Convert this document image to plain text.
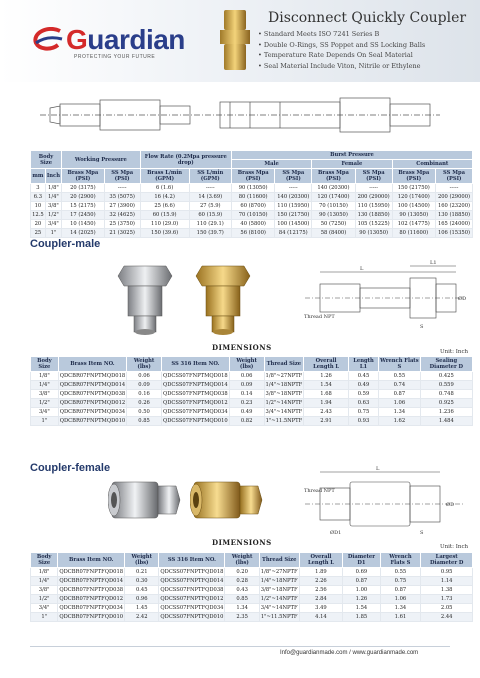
Guardian
PROTECTING YOUR FUTURE
Disconnect Quickly Coupler
• Standard Meets ISO 7241 Series B
• Double O-Rings, SS Poppet and SS Locking Balls
• Temperature Rate Depends On Seal Material
• Seal Material Include Viton, Nitrile or Ethylene
Body Size		Working Pressure		Flow Rate (0.2Mpa pressure drop)		Burst Pressure					
						Male		Female		Combinant	
mm	Inch	Brass Mpa (PSI)	SS Mpa (PSI)	Brass L/min (GPM)	SS L/min (GPM)	Brass Mpa (PSI)	SS Mpa (PSI)	Brass Mpa (PSI)	SS Mpa (PSI)	Brass Mpa (PSI)	SS Mpa (PSI)
3	1/8"	20 (3175)	-----	6 (1.6)	-----	90 (13050)	-----	140 (20300)	-----	150 (21750)	-----
6.3	1/4"	20 (2900)	35 (5075)	16 (4.2)	14 (3.69)	80 (11600)	140 (20300)	120 (17400)	200 (29000)	120 (17400)	200 (29000)
10	3/8"	15 (2175)	27 (3900)	25 (6.6)	27 (5.9)	60 (8700)	110 (15950)	70 (10150)	110 (15950)	100 (14500)	160 (23200)
12.5	1/2"	17 (2450)	32 (4625)	60 (15.9)	60 (15.9)	70 (10150)	150 (21750)	90 (13050)	130 (18850)	90 (13050)	130 (18850)
20	3/4"	10 (1450)	25 (3750)	110 (29.0)	110 (29.1)	40 (5800)	100 (14500)	50 (7250)	105 (15225)	102 (14775)	165 (24000)
25	1"	14 (2025)	21 (3025)	150 (39.6)	150 (39.7)	56 (8100)	84 (12175)	58 (8400)	90 (13050)	80 (11600)	106 (15350)
Coupler-male
L
L1
Thread NPT
ØD
S
DIMENSIONS	Unit: Inch
Body Size	Brass Item NO.	Weight (lbs)	SS 316 Item NO.	Weight (lbs)	Thread Size	Overall Length L	Length L1	Wrench Flats S	Sealing Diameter D
1/8"	QDCBR07FNPTMQD018	0.06	QDCSS07FNPTMQD018	0.06	1/8"~27NPTF	1.26	0.45	0.55	0.425
1/4"	QDCBR07FNPTMQD014	0.09	QDCSS07FNPTMQD014	0.09	1/4"~18NPTF	1.54	0.49	0.74	0.559
3/8"	QDCBR07FNPTMQD038	0.16	QDCSS07FNPTMQD038	0.14	3/8"~18NPTF	1.68	0.59	0.87	0.748
1/2"	QDCBR07FNPTMQD012	0.26	QDCSS07FNPTMQD012	0.23	1/2"~14NPTF	1.94	0.63	1.06	0.925
3/4"	QDCBR07FNPTMQD034	0.50	QDCSS07FNPTMQD034	0.49	3/4"~14NPTF	2.43	0.75	1.34	1.236
1"	QDCBR07FNPTMQD010	0.85	QDCSS07FNPTMQD010	0.82	1"~11.5NPTF	2.91	0.93	1.62	1.484
Coupler-female	L
Thread NPT
ØD1
ØD
S
DIMENSIONS	Unit: Inch
Body Size	Brass Item NO.	Weight (lbs)	SS 316 Item NO.	Weight (lbs)	Thread Size	Overall Length L	Diameter D1	Wrench Flats S	Largest Diameter D
1/8"	QDCBR07FNPTFQD018	0.21	QDCSS07FNPTFQD018	0.20	1/8"~27NPTF	1.89	0.69	0.55	0.95
1/4"	QDCBR07FNPTFQD014	0.30	QDCSS07FNPTFQD014	0.28	1/4"~18NPTF	2.26	0.87	0.75	1.14
3/8"	QDCBR07FNPTFQD038	0.45	QDCSS07FNPTFQD038	0.43	3/8"~18NPTF	2.56	1.00	0.87	1.38
1/2"	QDCBR07FNPTFQD012	0.96	QDCSS07FNPTFQD012	0.85	1/2"~14NPTF	2.84	1.26	1.06	1.73
3/4"	QDCBR07FNPTFQD034	1.45	QDCSS07FNPTFQD034	1.34	3/4"~14NPTF	3.49	1.54	1.34	2.05
1"	QDCBR07FNPTFQD010	2.42	QDCSS07FNPTFQD010	2.35	1"~11.5NPTF	4.14	1.85	1.61	2.44
Info@guardianmade.com / www.guardianmade.com
